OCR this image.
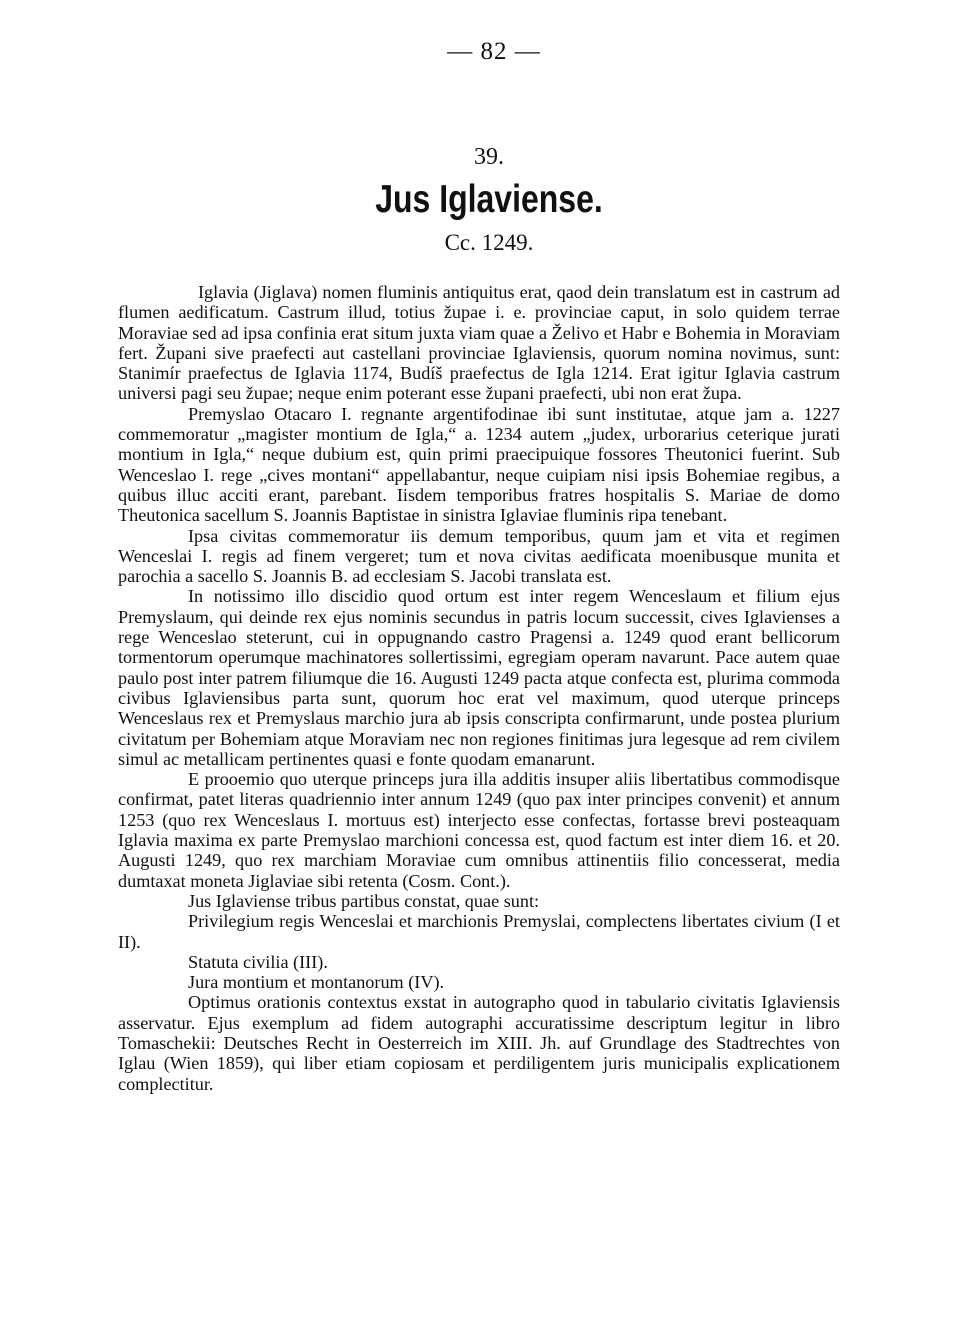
— 82 —
39.
Jus Iglaviense.
Cc. 1249.

Iglavia (Jiglava) nomen fluminis antiquitus erat, qaod dein translatum est in castrum ad flumen aedificatum. Castrum illud, totius župae i. e. provinciae caput, in solo quidem terrae Moraviae sed ad ipsa confinia erat situm juxta viam quae a Želivo et Habr e Bohemia in Moraviam fert. Župani sive praefecti aut castellani provinciae Iglaviensis, quorum nomina novimus, sunt: Stanimír praefectus de Iglavia 1174, Budíš praefectus de Igla 1214. Erat igitur Iglavia castrum universi pagi seu župae; neque enim poterant esse župani praefecti, ubi non erat župa.

Premyslao Otacaro I. regnante argentifodinae ibi sunt institutae, atque jam a. 1227 commemoratur „magister montium de Igla,“ a. 1234 autem „judex, urborarius ceterique jurati montium in Igla,“ neque dubium est, quin primi praecipuique fossores Theutonici fuerint. Sub Wenceslao I. rege „cives montani“ appellabantur, neque cuipiam nisi ipsis Bohemiae regibus, a quibus illuc acciti erant, parebant. Iisdem temporibus fratres hospitalis S. Mariae de domo Theutonica sacellum S. Joannis Baptistae in sinistra Iglaviae fluminis ripa tenebant.

Ipsa civitas commemoratur iis demum temporibus, quum jam et vita et regimen Wenceslai I. regis ad finem vergeret; tum et nova civitas aedificata moenibusque munita et parochia a sacello S. Joannis B. ad ecclesiam S. Jacobi translata est.

In notissimo illo discidio quod ortum est inter regem Wenceslaum et filium ejus Premyslaum, qui deinde rex ejus nominis secundus in patris locum successit, cives Iglavienses a rege Wenceslao steterunt, cui in oppugnando castro Pragensi a. 1249 quod erant bellicorum tormentorum operumque machinatores sollertissimi, egregiam operam navarunt. Pace autem quae paulo post inter patrem filiumque die 16. Augusti 1249 pacta atque confecta est, plurima commoda civibus Iglaviensibus parta sunt, quorum hoc erat vel maximum, quod uterque princeps Wenceslaus rex et Premyslaus marchio jura ab ipsis conscripta confirmarunt, unde postea plurium civitatum per Bohemiam atque Moraviam nec non regiones finitimas jura legesque ad rem civilem simul ac metallicam pertinentes quasi e fonte quodam emanarunt.

E prooemio quo uterque princeps jura illa additis insuper aliis libertatibus commodisque confirmat, patet literas quadriennio inter annum 1249 (quo pax inter principes convenit) et annum 1253 (quo rex Wenceslaus I. mortuus est) interjecto esse confectas, fortasse brevi posteaquam Iglavia maxima ex parte Premyslao marchioni concessa est, quod factum est inter diem 16. et 20. Augusti 1249, quo rex marchiam Moraviae cum omnibus attinentiis filio concesserat, media dumtaxat moneta Jiglaviae sibi retenta (Cosm. Cont.).

Jus Iglaviense tribus partibus constat, quae sunt:

Privilegium regis Wenceslai et marchionis Premyslai, complectens libertates civium (I et II).

Statuta civilia (III).

Jura montium et montanorum (IV).

Optimus orationis contextus exstat in autographo quod in tabulario civitatis Iglaviensis asservatur. Ejus exemplum ad fidem autographi accuratissime descriptum legitur in libro Tomaschekii: Deutsches Recht in Oesterreich im XIII. Jh. auf Grundlage des Stadtrechtes von Iglau (Wien 1859), qui liber etiam copiosam et perdiligentem juris municipalis explicationem complectitur.
